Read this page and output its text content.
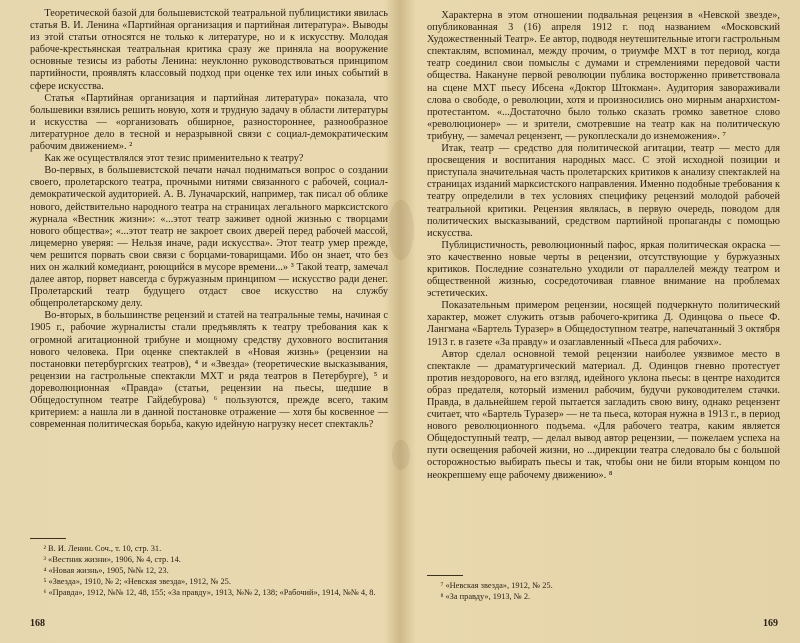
Теоретической базой для большевистской театральной публицистики явилась статья В. И. Ленина «Партийная организация и партийная литература». Выводы из этой статьи относятся не только к литературе, но и к искусству. Молодая рабоче-крестьянская театральная критика сразу же приняла на вооружение основные тезисы из работы Ленина: неуклонно руководствоваться принципом партийности, проявлять классовый подход при оценке тех или иных событий в сфере искусства.

Статья «Партийная организация и партийная литература» показала, что большевики взялись решить новую, хотя и трудную задачу в области литературы и искусства — «организовать обширное, разностороннее, разнообразное литературное дело в тесной и неразрывной связи с социал-демократическим рабочим движением». ²

Как же осуществлялся этот тезис применительно к театру?

Во-первых, в большевистской печати начал подниматься вопрос о создании своего, пролетарского театра, прочными нитями связанного с рабочей, социал-демократической аудиторией. А. В. Луначарский, например, так писал об облике нового, действительно народного театра на страницах легального марксистского журнала «Вестник жизни»: «...этот театр заживет одной жизнью с творцами нового общества»; «...этот театр не закроет своих дверей перед рабочей массой, лицемерно уверяя: — Нельзя иначе, ради искусства». Этот театр умер прежде, чем решится порвать свои связи с борцами-товарищами. Ибо он знает, что без них он жалкий комедиант, роющийся в мусоре времени...» ³ Такой театр, замечал далее автор, порвет навсегда с буржуазным принципом — искусство ради денег. Пролетарский театр будущего отдаст свое искусство на службу общепролетарскому делу.

Во-вторых, в большинстве рецензий и статей на театральные темы, начиная с 1905 г., рабочие журналисты стали предъявлять к театру требования как к огромной агитационной трибуне и мощному средству духовного воспитания нового человека. При оценке спектаклей в «Новая жизнь» (рецензии на постановки петербургских театров), ⁴ и «Звезда» (теоретические высказывания, рецензии на гастрольные спектакли МХТ и ряда театров в Петербурге), ⁵ и дореволюционная «Правда» (статьи, рецензии на пьесы, шедшие в Общедоступном театре Гайдебурова) ⁶ пользуются, прежде всего, таким критерием: а нашла ли в данной постановке отражение — хотя бы косвенное — современная политическая борьба, какую идейную нагрузку несет спектакль?

² В. И. Ленин. Соч., т. 10, стр. 31.

³ «Вестник жизни», 1906, № 4, стр. 14.

⁴ «Новая жизнь», 1905, №№ 12, 23.

⁵ «Звезда», 1910, № 2; «Невская звезда», 1912, № 25.

⁶ «Правда», 1912, №№ 12, 48, 155; «За правду», 1913, №№ 2, 138; «Рабочий», 1914, №№ 4, 8.

168

Характерна в этом отношении подвальная рецензия в «Невской звезде», опубликованная 3 (16) апреля 1912 г. под названием «Московский Художественный Театр». Ее автор, подводя неутешительные итоги гастрольным спектаклям, вспоминал, между прочим, о триумфе МХТ в тот период, когда театр соединил свои помыслы с думами и стремлениями передовой части общества. Накануне первой революции публика восторженно приветствовала на сцене МХТ пьесу Ибсена «Доктор Штокман». Аудитория завораживали слова о свободе, о революции, хотя и произносились оно мирным анархистом-протестантом. «...Достаточно было только сказать громко заветное слово «революционер» — и зрители, смотревшие на театр как на политическую трибуну, — замечал рецензент, — рукоплескали до изнеможения». ⁷

Итак, театр — средство для политической агитации, театр — место для просвещения и воспитания народных масс. С этой исходной позиции и приступала значительная часть пролетарских критиков к анализу спектаклей на страницах изданий марксистского направления. Именно подобные требования к театру определили в тех условиях специфику рецензий молодой рабочей театральной критики. Рецензия являлась, в первую очередь, поводом для политических высказываний, средством партийной пропаганды с помощью искусства.

Публицистичность, революционный пафос, яркая политическая окраска — это качественно новые черты в рецензии, отсутствующие у буржуазных критиков. Последние сознательно уходили от параллелей между театром и общественной жизнью, сосредоточивая главное внимание на проблемах эстетических.

Показательным примером рецензии, носящей подчеркнуто политический характер, может служить отзыв рабочего-критика Д. Одинцова о пьесе Ф. Лангмана «Бартель Туразер» в Общедоступном театре, напечатанный 3 октября 1913 г. в газете «За правду» и озаглавленный «Пьеса для рабочих».

Автор сделал основной темой рецензии наиболее уязвимое место в спектакле — драматургический материал. Д. Одинцов гневно протестует против нездорового, на его взгляд, идейного уклона пьесы: в центре находится образ предателя, который изменил рабочим, будучи руководителем стачки. Правда, в дальнейшем герой пытается загладить свою вину, однако рецензент считает, что «Бартель Туразер» — не та пьеса, которая нужна в 1913 г., в период нового революционного подъема. «Для рабочего театра, каким является Общедоступный театр, — делал вывод автор рецензии, — пожелаем успеха на пути освещения рабочей жизни, но ...дирекции театра следовало бы с большой осторожностью выбирать пьесы и так, чтобы они не били вторым концом по неокрепшему еще рабочему движению». ⁸

⁷ «Невская звезда», 1912, № 25.

⁸ «За правду», 1913, № 2.

169
